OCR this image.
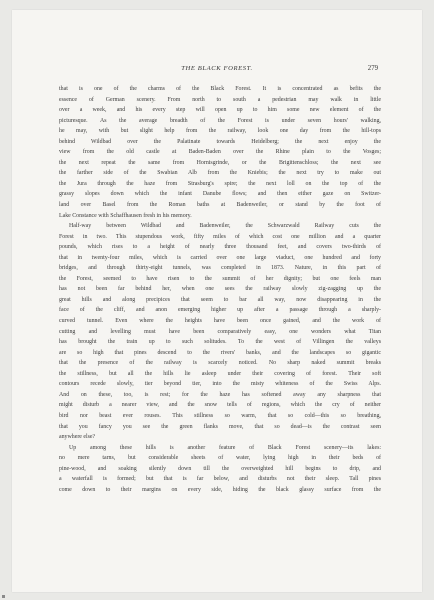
THE BLACK FOREST.	279
that is one of the charms of the Black Forest. It is concentrated as befits the
essence of German scenery. From north to south a pedestrian may walk in little
over a week, and his every step will open up to him some new element of the
picturesque. As the average breadth of the Forest is under seven hours' walking,
he may, with but slight help from the railway, look one day from the hill-tops
behind Wildbad over the Palatinate towards Heidelberg; the next enjoy the
view from the old castle at Baden-Baden over the Rhine plain to the Vosges;
the next repeat the same from Hornisgrinde, or the Brigittenschloss; the next see
the farther side of the Swabian Alb from the Kniebis; the next try to make out
the Jura through the haze from Strasburg's spire; the next loll on the top of the
grassy slopes down which the infant Danube flows; and then either gaze on Switzer-
land over Basel from the Roman baths at Badenweiler, or stand by the foot of
Lake Constance with Schaffhausen fresh in his memory.
Half-way between Wildbad and Badenweiler, the Schwarzwald Railway cuts the
Forest in two. This stupendous work, fifty miles of which cost one million and a quarter
pounds, which rises to a height of nearly three thousand feet, and covers two-thirds of
that in twenty-four miles, which is carried over one large viaduct, one hundred and forty
bridges, and through thirty-eight tunnels, was completed in 1873. Nature, in this part of
the Forest, seemed to have risen to the summit of her dignity; but one feels man
has not been far behind her, when one sees the railway slowly zig-zagging up the
great hills and along precipices that seem to bar all way, now disappearing in the
face of the cliff, and anon emerging higher up after a passage through a sharply-
curved tunnel. Even where the heights have been once gained, and the work of
cutting and levelling must have been comparatively easy, one wonders what Titan
has brought the train up to such solitudes. To the west of Villingen the valleys
are so high that pines descend to the rivers' banks, and the landscapes so gigantic
that the presence of the railway is scarcely noticed. No sharp naked summit breaks
the stillness, but all the hills lie asleep under their covering of forest. Their soft
contours recede slowly, tier beyond tier, into the misty whiteness of the Swiss Alps.
And on these, too, is rest; for the haze has softened away any sharpness that
might disturb a nearer view, and the snow tells of regions, which the cry of neither
bird nor beast ever rouses. This stillness so warm, that so cold—this so breathing,
that you fancy you see the green flanks move, that so dead—is the contrast seen
anywhere else?
Up among these hills is another feature of Black Forest scenery—its lakes:
no mere tarns, but considerable sheets of water, lying high in their beds of
pine-wood, and soaking silently down till the overweighted hill begins to drip, and
a waterfall is formed; but that is far below, and disturbs not their sleep. Tall pines
come down to their margins on every side, hiding the black glassy surface from the
